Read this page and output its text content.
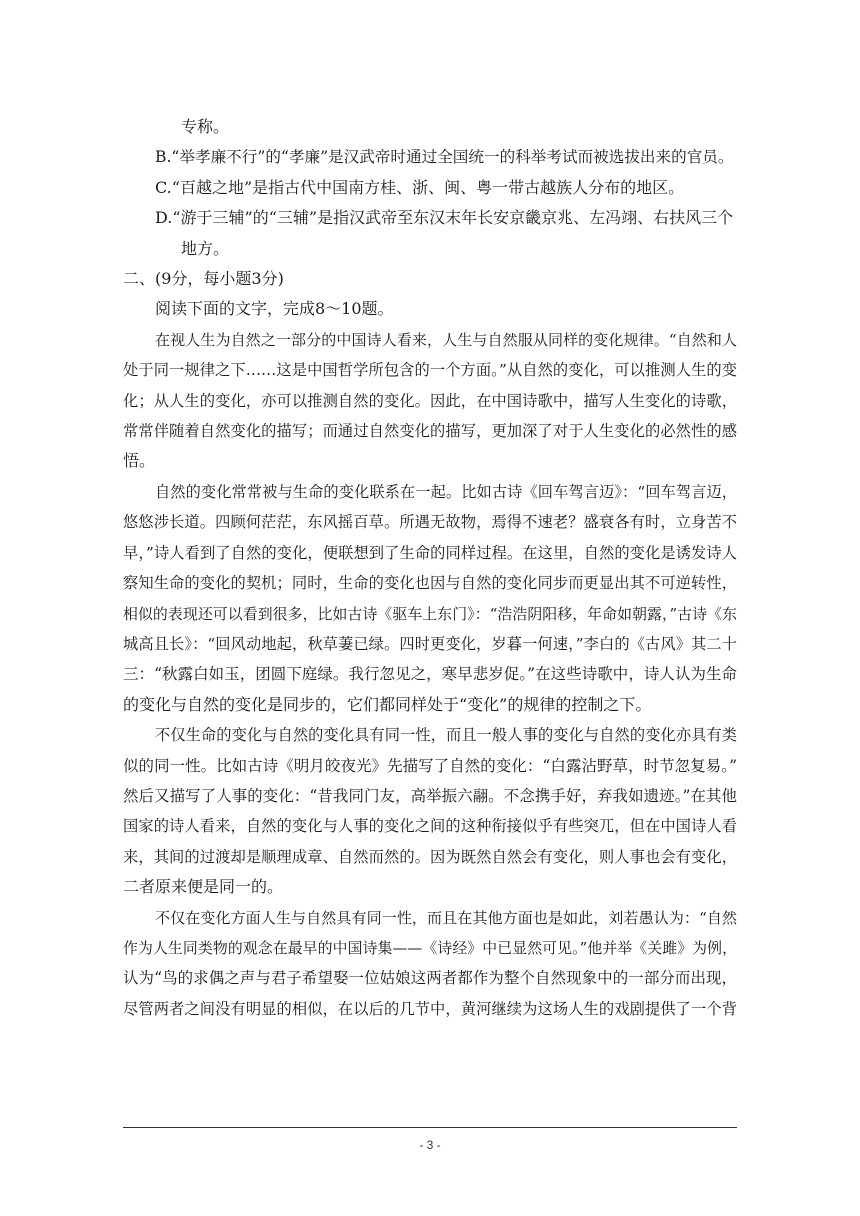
专称。

B.“举孝廉不行”的“孝廉”是汉武帝时通过全国统一的科举考试而被选拔出来的官员。

C.“百越之地”是指古代中国南方桂、浙、闽、粤一带古越族人分布的地区。

D.“游于三辅”的“三辅”是指汉武帝至东汉末年长安京畿京兆、左冯翊、右扶风三个

地方。

二、(9分，每小题3分)

阅读下面的文字，完成8～10题。

在视人生为自然之一部分的中国诗人看来，人生与自然服从同样的变化规律。“自然和人

处于同一规律之下……这是中国哲学所包含的一个方面。”从自然的变化，可以推测人生的变

化；从人生的变化，亦可以推测自然的变化。因此，在中国诗歌中，描写人生变化的诗歌，

常常伴随着自然变化的描写；而通过自然变化的描写，更加深了对于人生变化的必然性的感

悟。

自然的变化常常被与生命的变化联系在一起。比如古诗《回车驾言迈》：“回车驾言迈，

悠悠涉长道。四顾何茫茫，东风摇百草。所遇无故物，焉得不速老？盛衰各有时，立身苦不

早，”诗人看到了自然的变化，便联想到了生命的同样过程。在这里，自然的变化是诱发诗人

察知生命的变化的契机；同时，生命的变化也因与自然的变化同步而更显出其不可逆转性，

相似的表现还可以看到很多，比如古诗《驱车上东门》：“浩浩阴阳移，年命如朝露，”古诗《东

城高且长》：“回风动地起，秋草萋已绿。四时更变化，岁暮一何速，”李白的《古风》其二十

三：“秋露白如玉，团圆下庭绿。我行忽见之，寒早悲岁促。”在这些诗歌中，诗人认为生命

的变化与自然的变化是同步的，它们都同样处于“变化”的规律的控制之下。

不仅生命的变化与自然的变化具有同一性，而且一般人事的变化与自然的变化亦具有类

似的同一性。比如古诗《明月皎夜光》先描写了自然的变化：“白露沾野草，时节忽复易。”

然后又描写了人事的变化：“昔我同门友，高举振六翮。不念携手好，弃我如遗迹。”在其他

国家的诗人看来，自然的变化与人事的变化之间的这种衔接似乎有些突兀，但在中国诗人看

来，其间的过渡却是顺理成章、自然而然的。因为既然自然会有变化，则人事也会有变化，

二者原来便是同一的。

不仅在变化方面人生与自然具有同一性，而且在其他方面也是如此，刘若愚认为：“自然

作为人生同类物的观念在最早的中国诗集——《诗经》中已显然可见。”他并举《关雎》为例，

认为“鸟的求偶之声与君子希望娶一位姑娘这两者都作为整个自然现象中的一部分而出现，

尽管两者之间没有明显的相似，在以后的几节中，黄河继续为这场人生的戏剧提供了一个背

- 3 -
